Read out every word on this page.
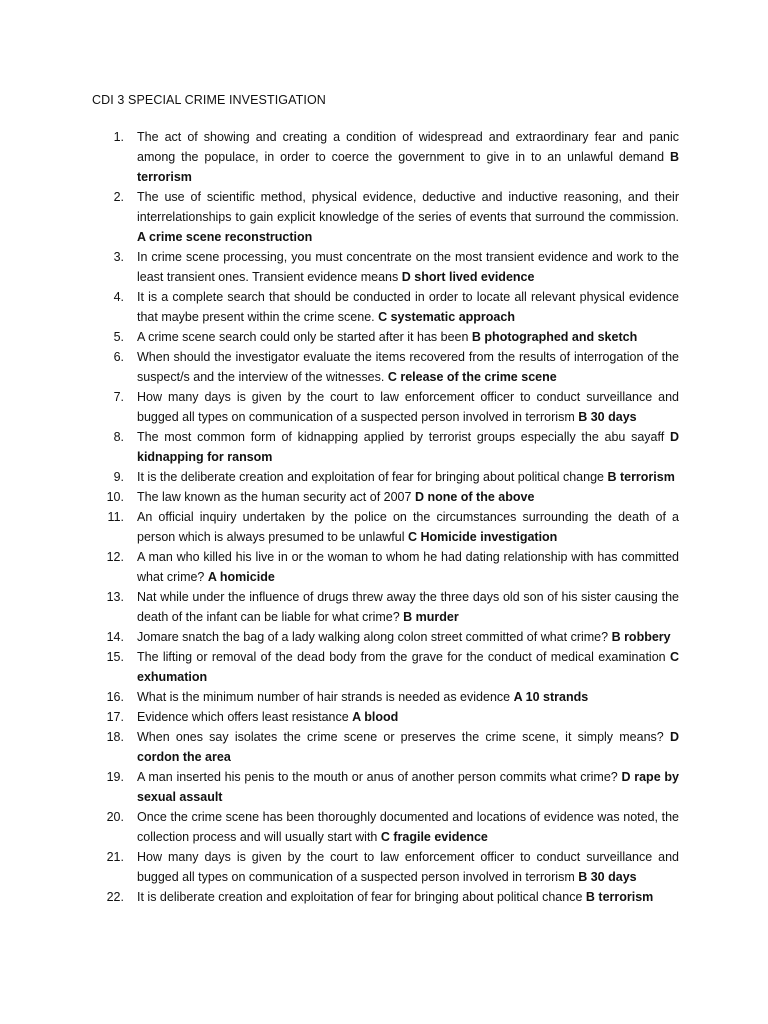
CDI 3 SPECIAL CRIME INVESTIGATION
1. The act of showing and creating a condition of widespread and extraordinary fear and panic among the populace, in order to coerce the government to give in to an unlawful demand B terrorism
2. The use of scientific method, physical evidence, deductive and inductive reasoning, and their interrelationships to gain explicit knowledge of the series of events that surround the commission. A crime scene reconstruction
3. In crime scene processing, you must concentrate on the most transient evidence and work to the least transient ones. Transient evidence means D short lived evidence
4. It is a complete search that should be conducted in order to locate all relevant physical evidence that maybe present within the crime scene. C systematic approach
5. A crime scene search could only be started after it has been B photographed and sketch
6. When should the investigator evaluate the items recovered from the results of interrogation of the suspect/s and the interview of the witnesses. C release of the crime scene
7. How many days is given by the court to law enforcement officer to conduct surveillance and bugged all types on communication of a suspected person involved in terrorism B 30 days
8. The most common form of kidnapping applied by terrorist groups especially the abu sayaff D kidnapping for ransom
9. It is the deliberate creation and exploitation of fear for bringing about political change B terrorism
10. The law known as the human security act of 2007 D none of the above
11. An official inquiry undertaken by the police on the circumstances surrounding the death of a person which is always presumed to be unlawful C Homicide investigation
12. A man who killed his live in or the woman to whom he had dating relationship with has committed what crime? A homicide
13. Nat while under the influence of drugs threw away the three days old son of his sister causing the death of the infant can be liable for what crime? B murder
14. Jomare snatch the bag of a lady walking along colon street committed of what crime? B robbery
15. The lifting or removal of the dead body from the grave for the conduct of medical examination C exhumation
16. What is the minimum number of hair strands is needed as evidence A 10 strands
17. Evidence which offers least resistance A blood
18. When ones say isolates the crime scene or preserves the crime scene, it simply means? D cordon the area
19. A man inserted his penis to the mouth or anus of another person commits what crime? D rape by sexual assault
20. Once the crime scene has been thoroughly documented and locations of evidence was noted, the collection process and will usually start with C fragile evidence
21. How many days is given by the court to law enforcement officer to conduct surveillance and bugged all types on communication of a suspected person involved in terrorism B 30 days
22. It is deliberate creation and exploitation of fear for bringing about political chance B terrorism
